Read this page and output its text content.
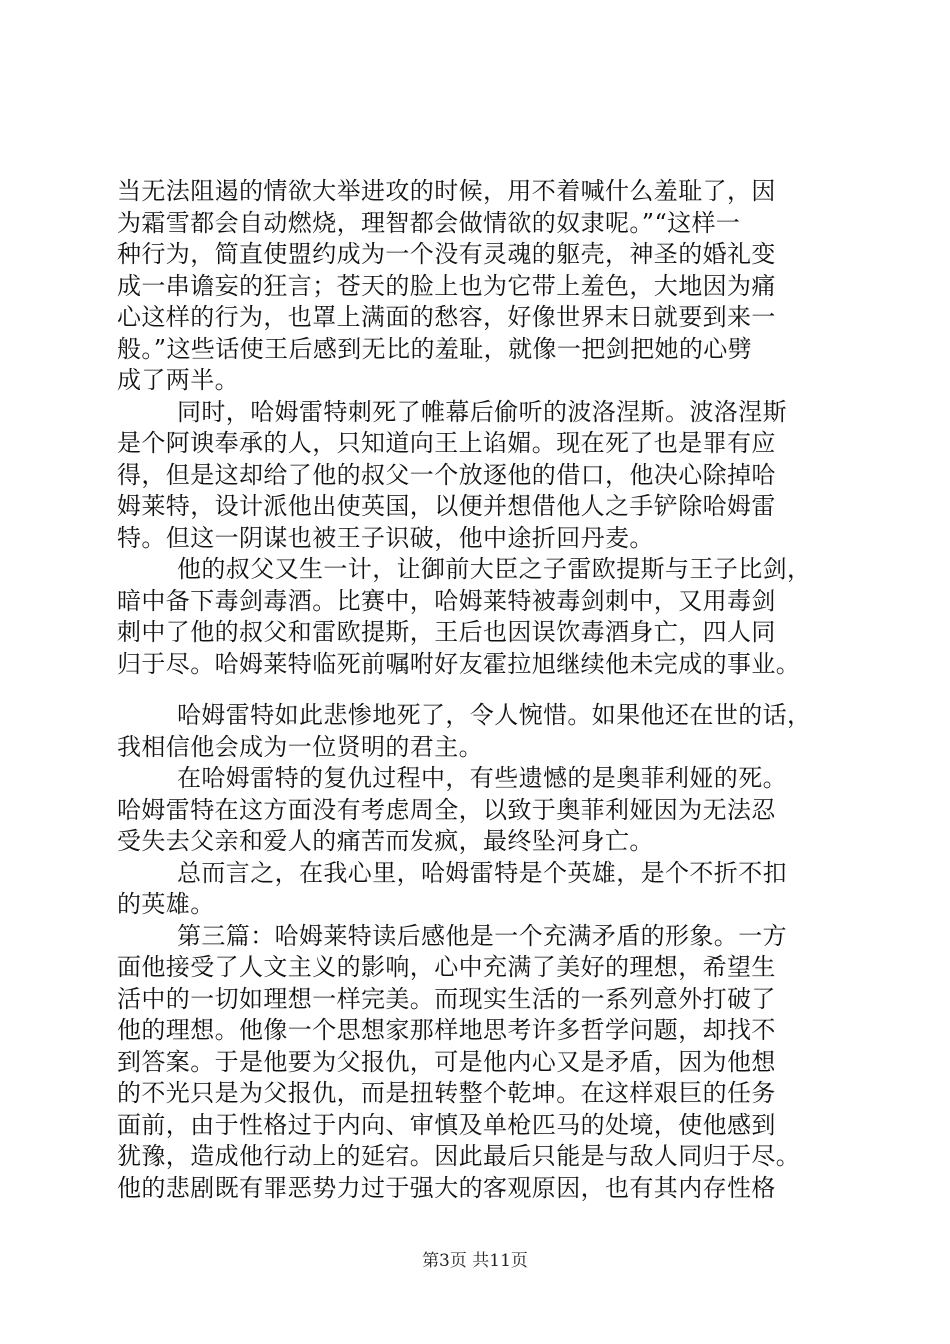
当无法阻遏的情欲大举进攻的时候，用不着喊什么羞耻了，因
为霜雪都会自动燃烧，理智都会做情欲的奴隶呢。”“这样一
种行为，简直使盟约成为一个没有灵魂的躯壳，神圣的婚礼变
成一串谵妄的狂言；苍天的脸上也为它带上羞色，大地因为痛
心这样的行为，也罩上满面的愁容，好像世界末日就要到来一
般。”这些话使王后感到无比的羞耻，就像一把剑把她的心劈
成了两半。
同时，哈姆雷特刺死了帷幕后偷听的波洛涅斯。波洛涅斯
是个阿谀奉承的人，只知道向王上谄媚。现在死了也是罪有应
得，但是这却给了他的叔父一个放逐他的借口，他决心除掉哈
姆莱特，设计派他出使英国，以便并想借他人之手铲除哈姆雷
特。但这一阴谋也被王子识破，他中途折回丹麦。
他的叔父又生一计，让御前大臣之子雷欧提斯与王子比剑，
暗中备下毒剑毒酒。比赛中，哈姆莱特被毒剑刺中，又用毒剑
刺中了他的叔父和雷欧提斯，王后也因误饮毒酒身亡，四人同
归于尽。哈姆莱特临死前嘱咐好友霍拉旭继续他未完成的事业。
哈姆雷特如此悲惨地死了，令人惋惜。如果他还在世的话，
我相信他会成为一位贤明的君主。
在哈姆雷特的复仇过程中，有些遗憾的是奥菲利娅的死。
哈姆雷特在这方面没有考虑周全，以致于奥菲利娅因为无法忍
受失去父亲和爱人的痛苦而发疯，最终坠河身亡。
总而言之，在我心里，哈姆雷特是个英雄，是个不折不扣
的英雄。
第三篇：哈姆莱特读后感他是一个充满矛盾的形象。一方
面他接受了人文主义的影响，心中充满了美好的理想，希望生
活中的一切如理想一样完美。而现实生活的一系列意外打破了
他的理想。他像一个思想家那样地思考许多哲学问题，却找不
到答案。于是他要为父报仇，可是他内心又是矛盾，因为他想
的不光只是为父报仇，而是扭转整个乾坤。在这样艰巨的任务
面前，由于性格过于内向、审慎及单枪匹马的处境，使他感到
犹豫，造成他行动上的延宕。因此最后只能是与敌人同归于尽。
他的悲剧既有罪恶势力过于强大的客观原因，也有其内存性格
第3页 共11页
